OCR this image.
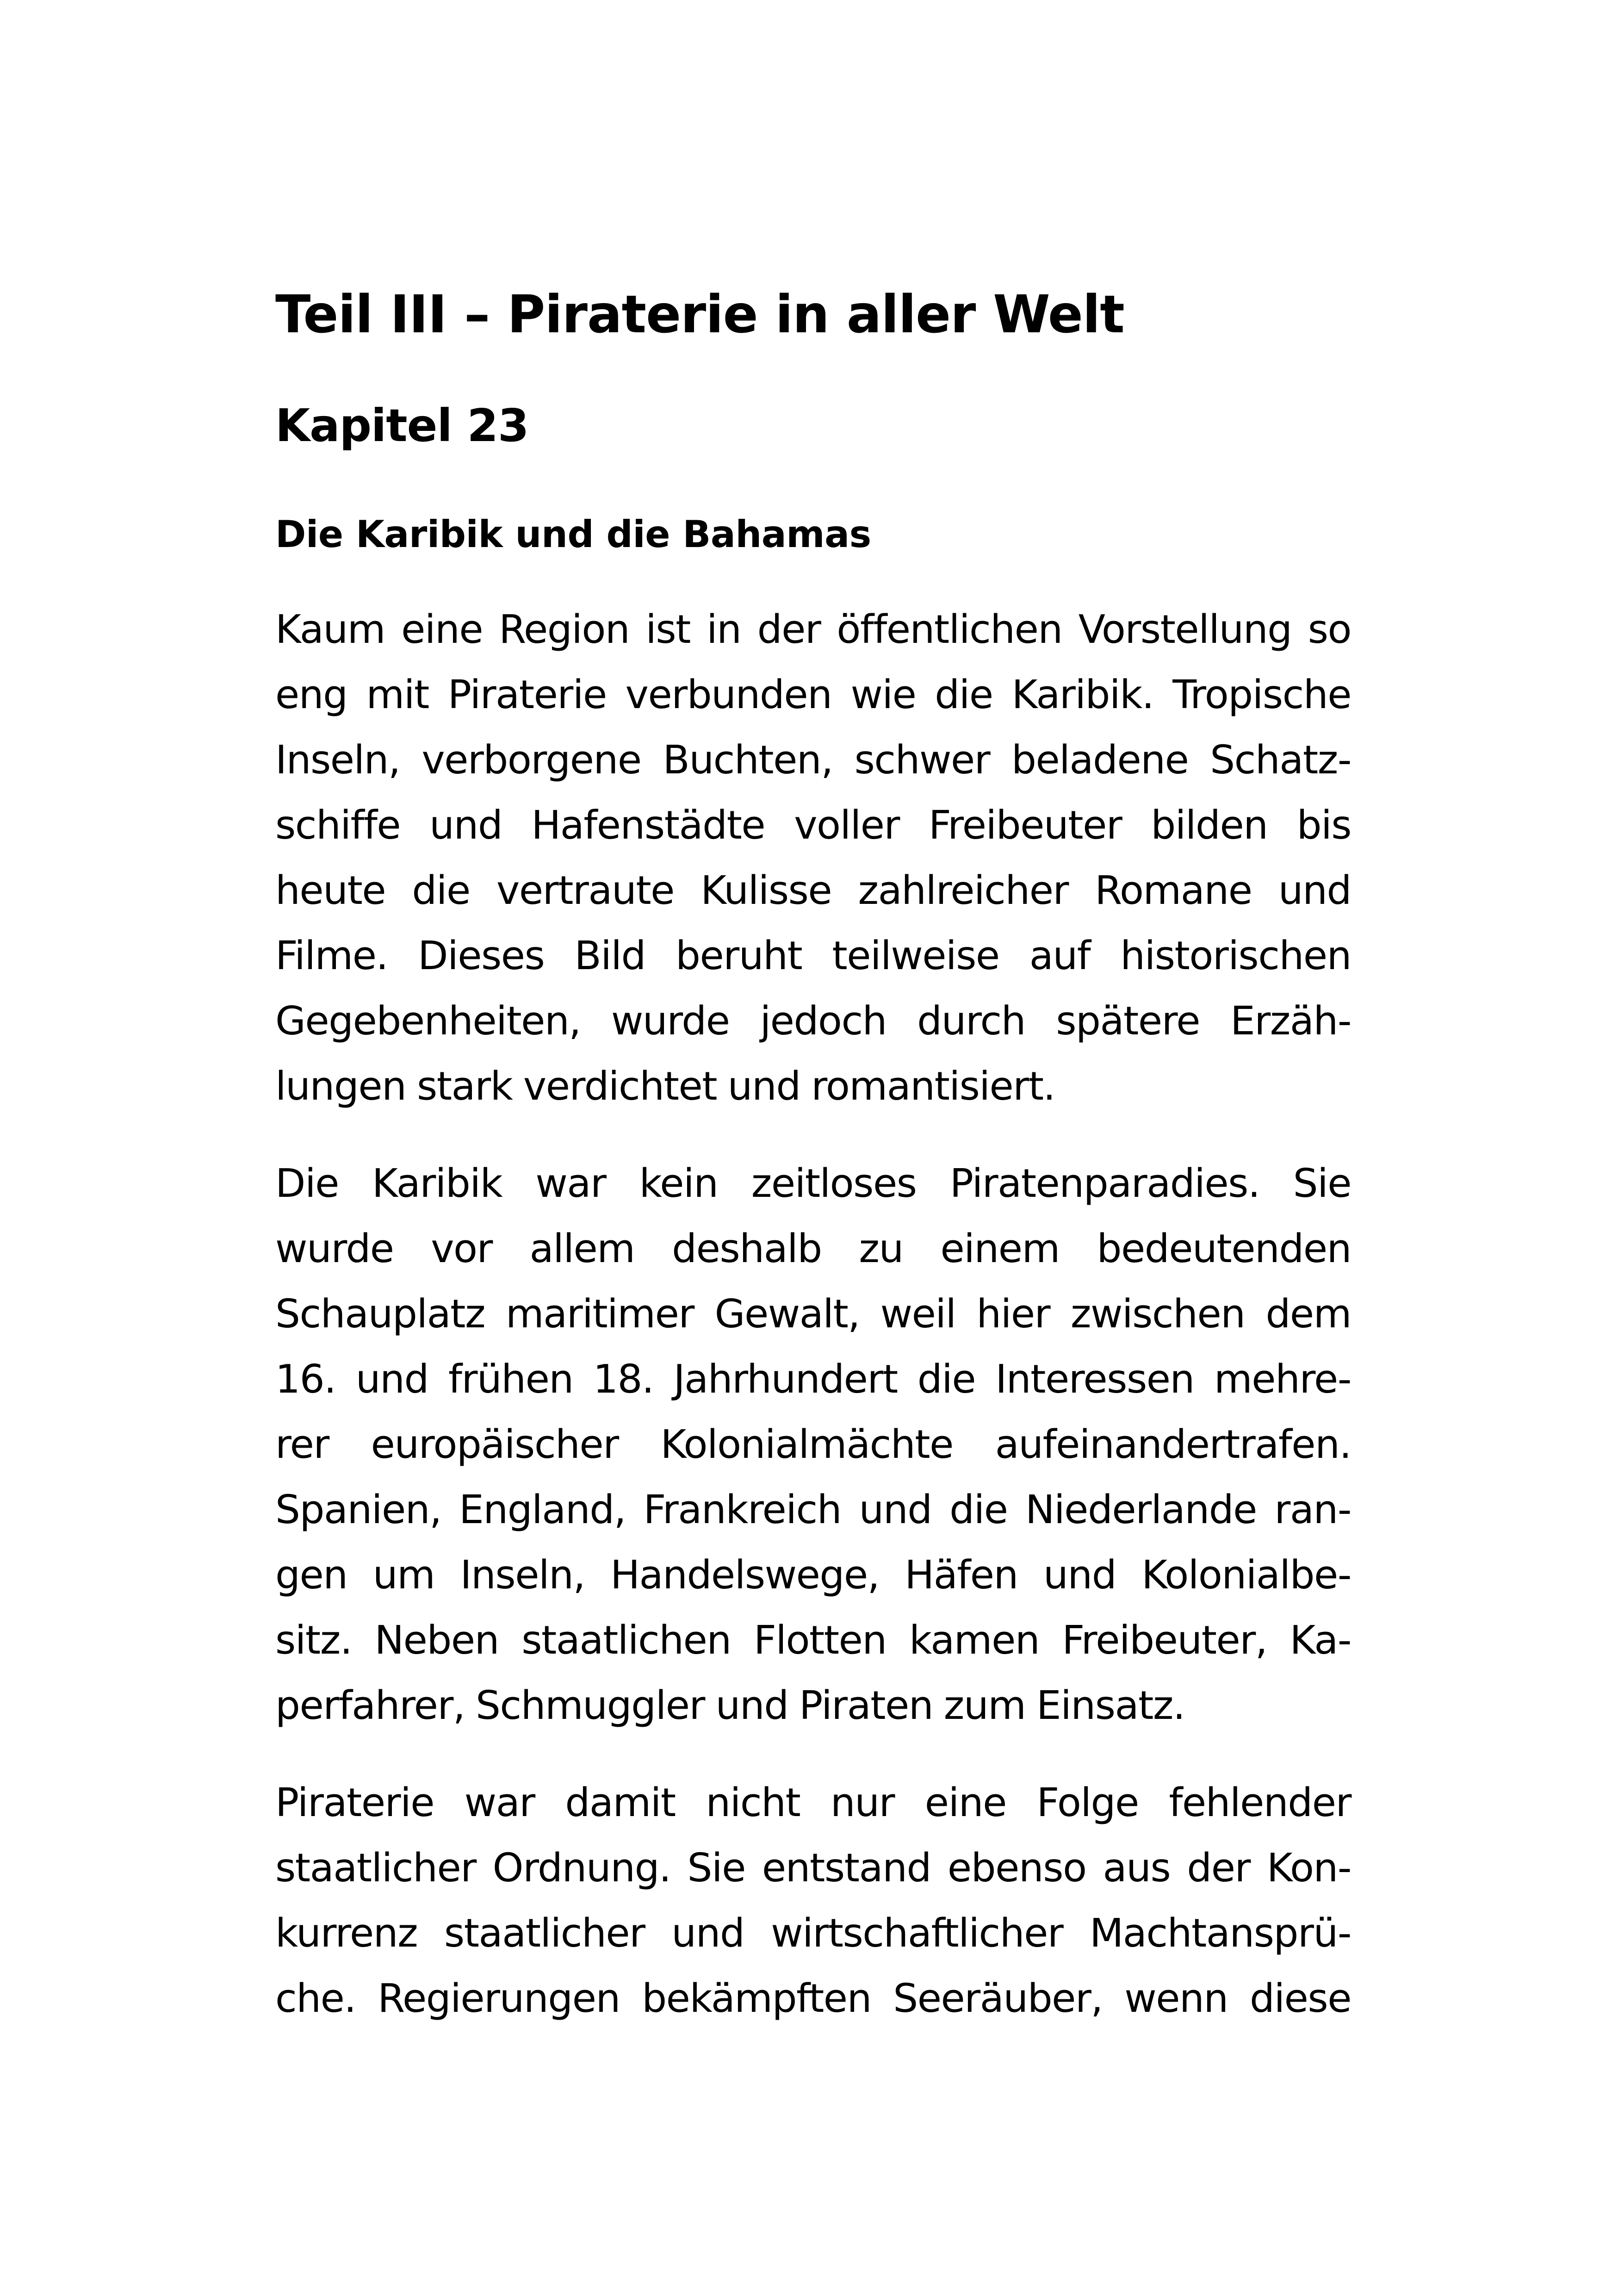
Teil III – Piraterie in aller Welt
Kapitel 23
Die Karibik und die Bahamas

Kaum eine Region ist in der öffentlichen Vorstellung so
eng mit Piraterie verbunden wie die Karibik. Tropische
Inseln, verborgene Buchten, schwer beladene Schatz-
schiffe und Hafenstädte voller Freibeuter bilden bis
heute die vertraute Kulisse zahlreicher Romane und
Filme. Dieses Bild beruht teilweise auf historischen
Gegebenheiten, wurde jedoch durch spätere Erzäh-
lungen stark verdichtet und romantisiert.

Die Karibik war kein zeitloses Piratenparadies. Sie
wurde vor allem deshalb zu einem bedeutenden
Schauplatz maritimer Gewalt, weil hier zwischen dem
16. und frühen 18. Jahrhundert die Interessen mehre-
rer europäischer Kolonialmächte aufeinandertrafen.
Spanien, England, Frankreich und die Niederlande ran-
gen um Inseln, Handelswege, Häfen und Kolonialbe-
sitz. Neben staatlichen Flotten kamen Freibeuter, Ka-
perfahrer, Schmuggler und Piraten zum Einsatz.

Piraterie war damit nicht nur eine Folge fehlender
staatlicher Ordnung. Sie entstand ebenso aus der Kon-
kurrenz staatlicher und wirtschaftlicher Machtansprü-
che. Regierungen bekämpften Seeräuber, wenn diese
